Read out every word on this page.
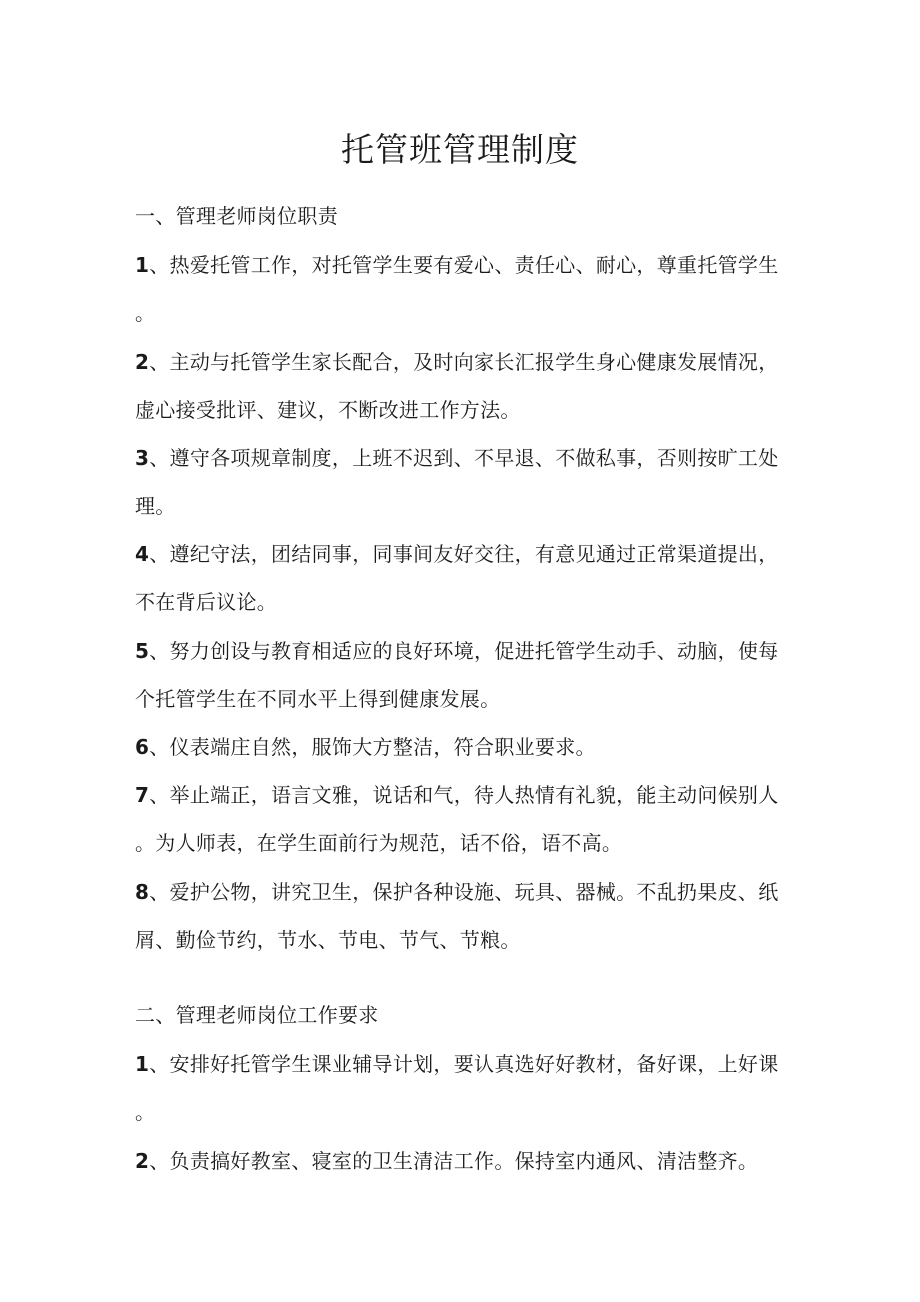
托管班管理制度
一、管理老师岗位职责
1、热爱托管工作，对托管学生要有爱心、责任心、耐心，尊重托管学生
。
2、主动与托管学生家长配合，及时向家长汇报学生身心健康发展情况，
虚心接受批评、建议，不断改进工作方法。
3、遵守各项规章制度，上班不迟到、不早退、不做私事，否则按旷工处
理。
4、遵纪守法，团结同事，同事间友好交往，有意见通过正常渠道提出，
不在背后议论。
5、努力创设与教育相适应的良好环境，促进托管学生动手、动脑，使每
个托管学生在不同水平上得到健康发展。
6、仪表端庄自然，服饰大方整洁，符合职业要求。
7、举止端正，语言文雅，说话和气，待人热情有礼貌，能主动问候别人
。为人师表，在学生面前行为规范，话不俗，语不高。
8、爱护公物，讲究卫生，保护各种设施、玩具、器械。不乱扔果皮、纸
屑、勤俭节约，节水、节电、节气、节粮。
二、管理老师岗位工作要求
1、安排好托管学生课业辅导计划，要认真选好好教材，备好课，上好课
。
2、负责搞好教室、寝室的卫生清洁工作。保持室内通风、清洁整齐。
